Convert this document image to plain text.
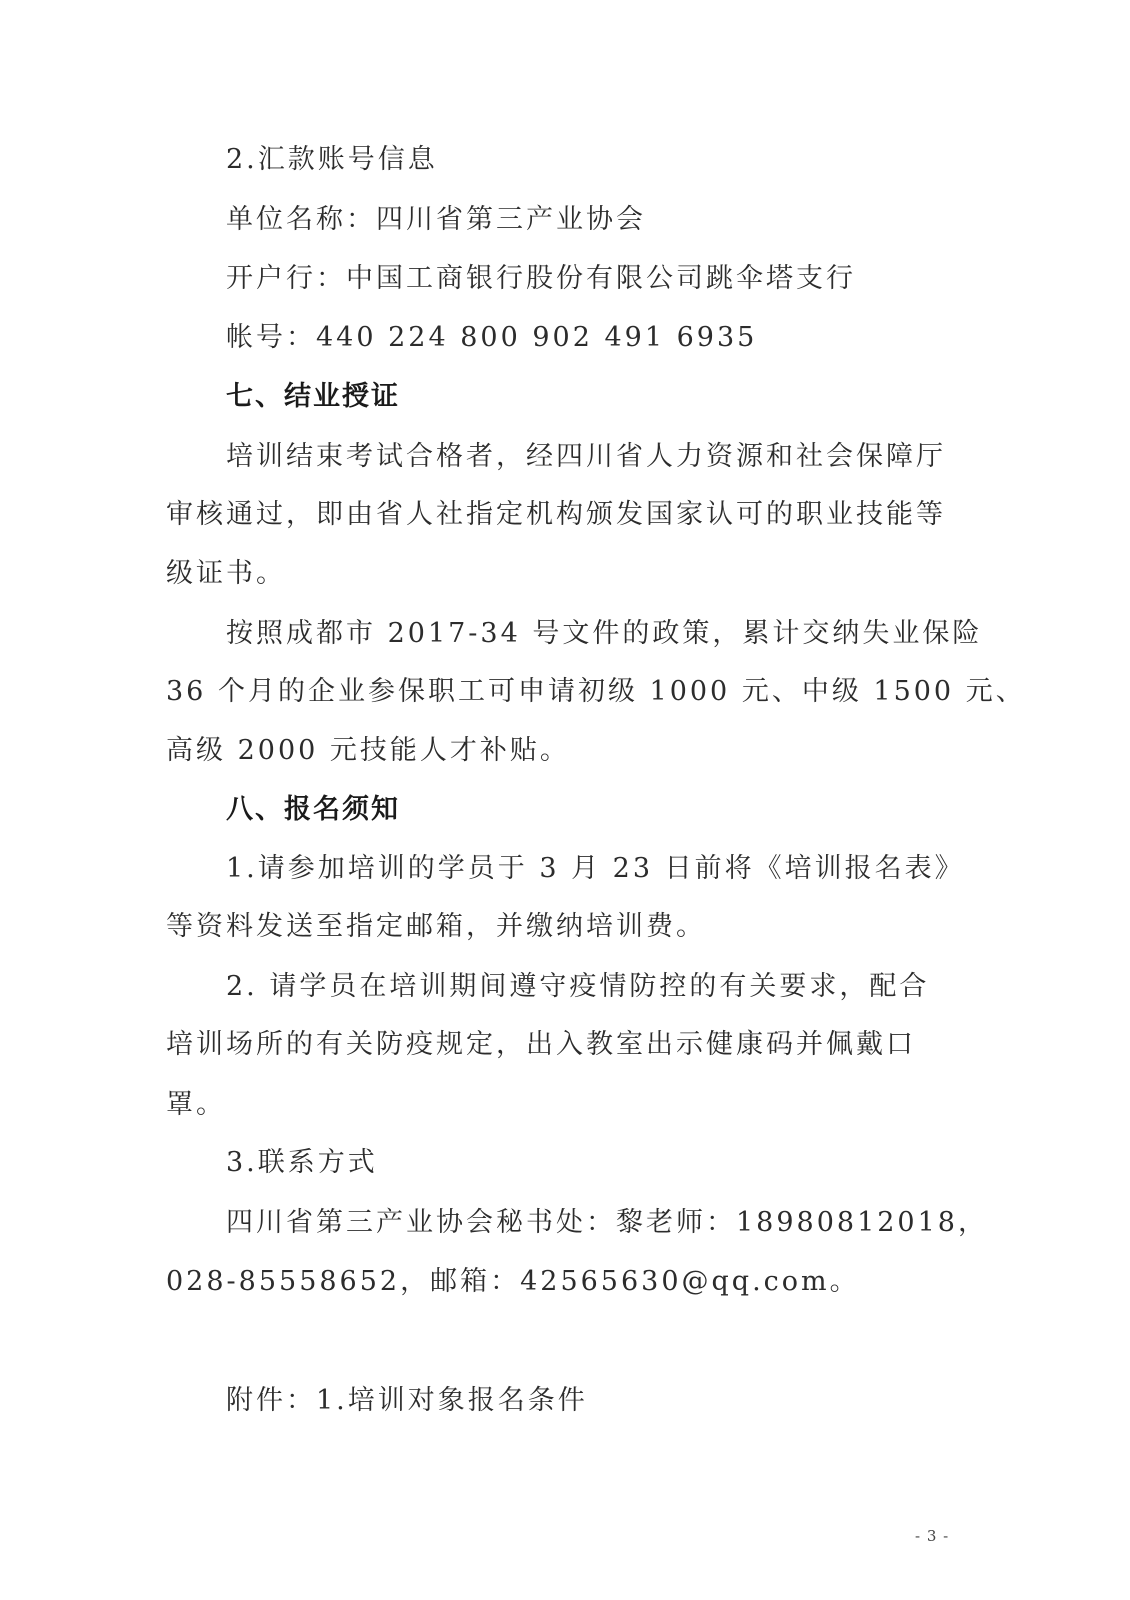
2.汇款账号信息
单位名称：四川省第三产业协会
开户行：中国工商银行股份有限公司跳伞塔支行
帐号：440 224 800 902 491 6935
七、结业授证
培训结束考试合格者，经四川省人力资源和社会保障厅
审核通过，即由省人社指定机构颁发国家认可的职业技能等
级证书。
按照成都市 2017-34 号文件的政策，累计交纳失业保险
36 个月的企业参保职工可申请初级 1000 元、中级 1500 元、
高级 2000 元技能人才补贴。
八、报名须知
1.请参加培训的学员于 3 月 23 日前将《培训报名表》
等资料发送至指定邮箱，并缴纳培训费。
2. 请学员在培训期间遵守疫情防控的有关要求，配合
培训场所的有关防疫规定，出入教室出示健康码并佩戴口
罩。
3.联系方式
四川省第三产业协会秘书处：黎老师：18980812018，
028-85558652，邮箱：42565630@qq.com。
附件：1.培训对象报名条件
- 3 -
